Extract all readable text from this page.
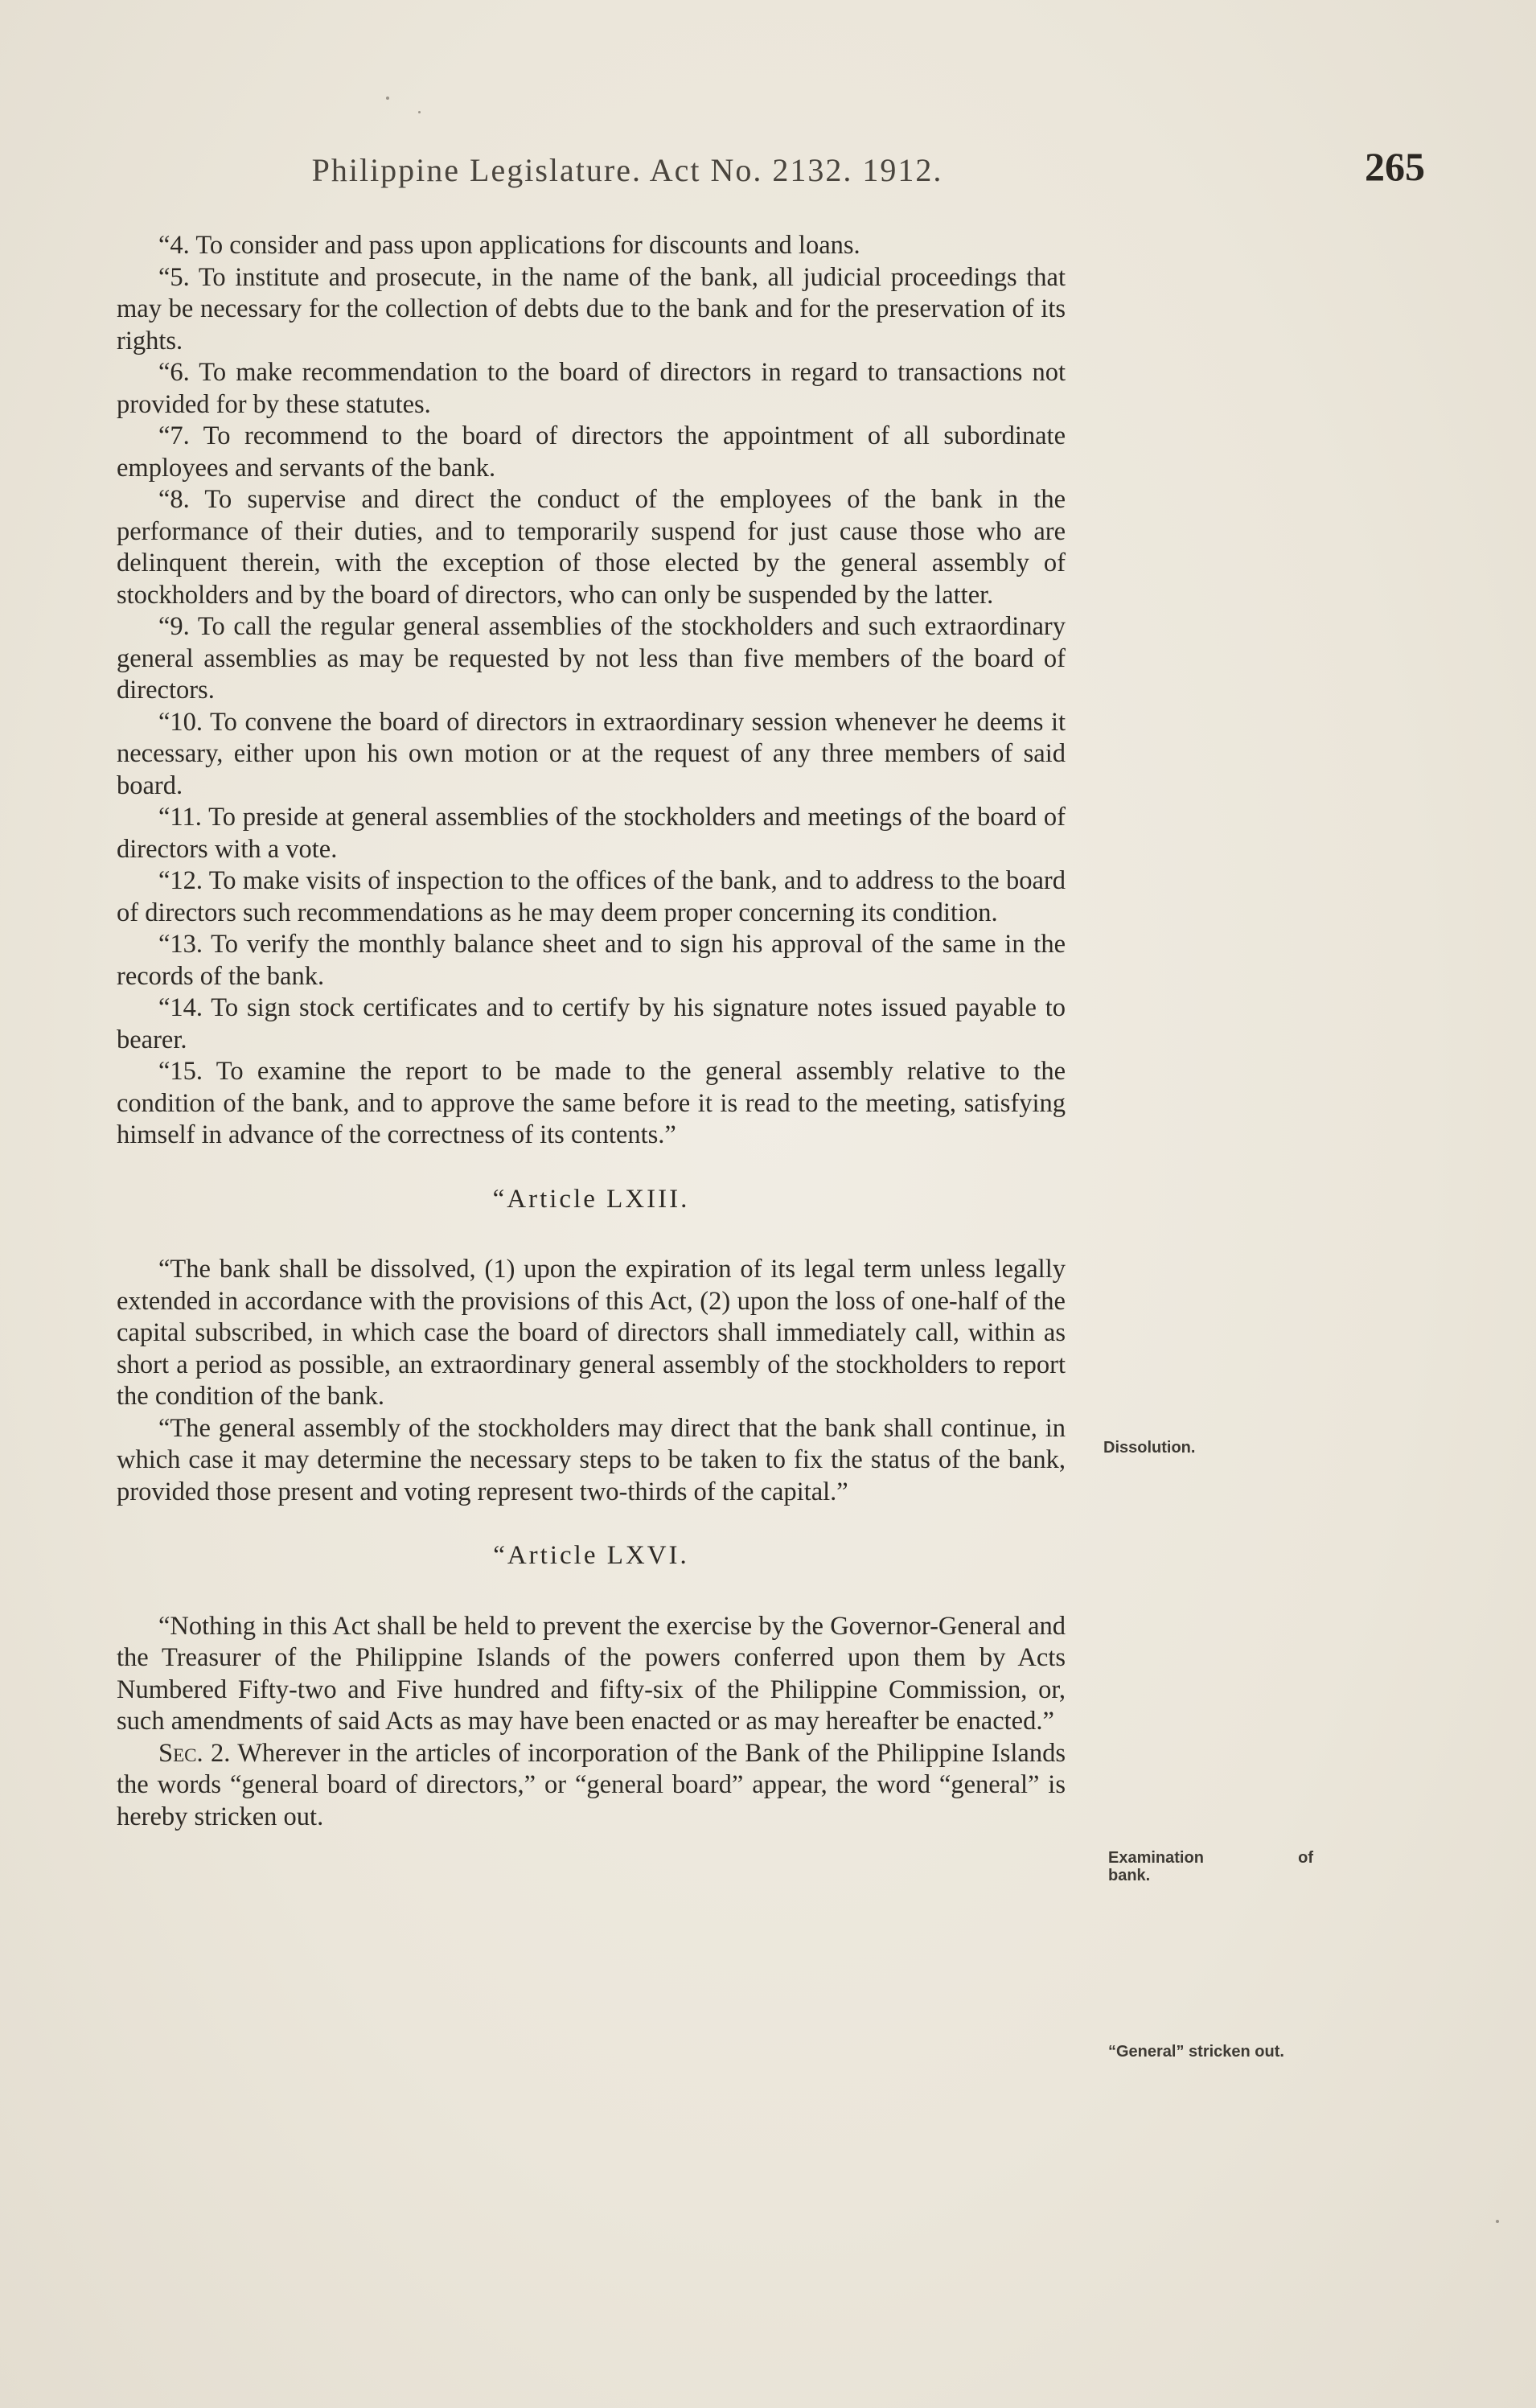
Philippine Legislature. Act No. 2132. 1912.	265

“4. To consider and pass upon applications for discounts and loans.

“5. To institute and prosecute, in the name of the bank, all judicial proceedings that may be necessary for the collection of debts due to the bank and for the preservation of its rights.

“6. To make recommendation to the board of directors in regard to transactions not provided for by these statutes.

“7. To recommend to the board of directors the appointment of all subordinate employees and servants of the bank.

“8. To supervise and direct the conduct of the employees of the bank in the performance of their duties, and to temporarily suspend for just cause those who are delinquent therein, with the exception of those elected by the general assembly of stockholders and by the board of directors, who can only be suspended by the latter.

“9. To call the regular general assemblies of the stockholders and such extraordinary general assemblies as may be requested by not less than five members of the board of directors.

“10. To convene the board of directors in extraordinary session whenever he deems it necessary, either upon his own motion or at the request of any three members of said board.

“11. To preside at general assemblies of the stockholders and meetings of the board of directors with a vote.

“12. To make visits of inspection to the offices of the bank, and to address to the board of directors such recommendations as he may deem proper concerning its condition.

“13. To verify the monthly balance sheet and to sign his approval of the same in the records of the bank.

“14. To sign stock certificates and to certify by his signature notes issued payable to bearer.

“15. To examine the report to be made to the general assembly relative to the condition of the bank, and to approve the same before it is read to the meeting, satisfying himself in advance of the correctness of its contents.”

“Article LXIII.

“The bank shall be dissolved, (1) upon the expiration of its legal term unless legally extended in accordance with the provisions of this Act, (2) upon the loss of one-half of the capital subscribed, in which case the board of directors shall immediately call, within as short a period as possible, an extraordinary general assembly of the stockholders to report the condition of the bank.

“The general assembly of the stockholders may direct that the bank shall continue, in which case it may determine the necessary steps to be taken to fix the status of the bank, provided those present and voting represent two-thirds of the capital.”

“Article LXVI.

“Nothing in this Act shall be held to prevent the exercise by the Governor-General and the Treasurer of the Philippine Islands of the powers conferred upon them by Acts Numbered Fifty-two and Five hundred and fifty-six of the Philippine Commission, or, such amendments of said Acts as may have been enacted or as may hereafter be enacted.”

Sec. 2. Wherever in the articles of incorporation of the Bank of the Philippine Islands the words “general board of directors,” or “general board” appear, the word “general” is hereby stricken out.

Dissolution.
Examination of
bank.
“General” stricken out.
